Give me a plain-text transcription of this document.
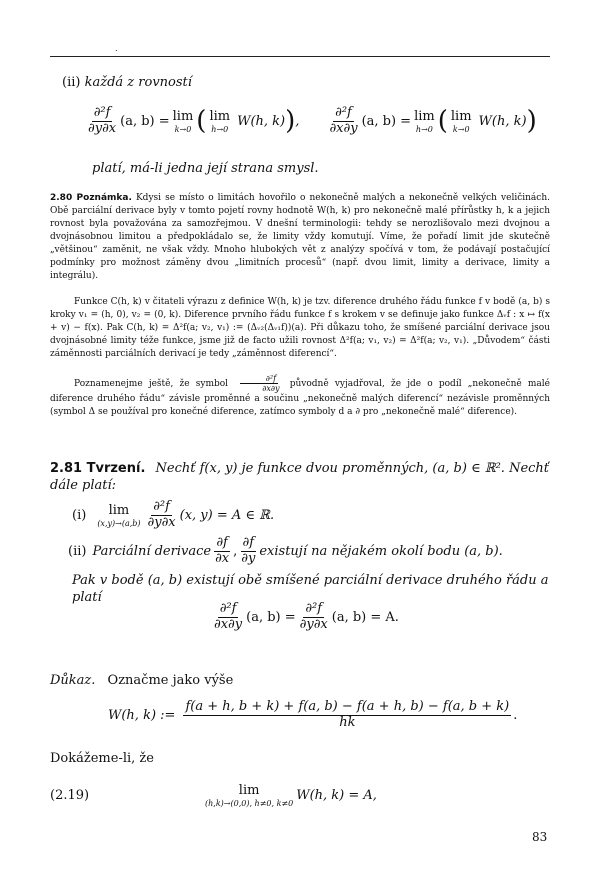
.
(ii) každá z rovností
$\frac{\text{∂²f}}{\partial y\partial x} (a$, b) = lim
k→0 ( lim
h→0
W(h, k) ) , $\frac{\text{∂²f}}{\partial x\partial y} (a$, b) = lim
h→0 ( lim
k→0
W(h, k) )
platí, má-li jedna její strana smysl.
2.80 Poznámka. Kdysi se místo o limitách hovořilo o nekonečně malých a nekonečně velkých veličinách. Obě parciální derivace byly v tomto pojetí rovny hodnotě W(h, k) pro nekonečně malé přírůstky h, k a jejich rovnost byla považována za samozřejmou. V dnešní terminologii: tehdy se nerozlišovalo mezi dvojnou a dvojnásobnou limitou a předpokládalo se, že limity vždy komutují. Víme, že pořadí limit jde skutečně „většinou“ zaměnit, ne však vždy. Mnoho hlubokých vět z analýzy spočívá v tom, že podávají postačující podmínky pro možnost záměny dvou „limitních procesů“ (např. dvou limit, limity a derivace, limity a integrálu).
Funkce C(h, k) v čitateli výrazu z definice W(h, k) je tzv. diference druhého řádu funkce f v bodě (a, b) s kroky v₁ = (h, 0), v₂ = (0, k). Diference prvního řádu funkce f s krokem v se definuje jako funkce Δᵥf : x ↦ f(x + v) − f(x). Pak C(h, k) = Δ²f(a; v₂, v₁) := (Δᵥ₂(Δᵥ₁f))(a). Při důkazu toho, že smíšené parciální derivace jsou dvojnásobné limity téže funkce, jsme již de facto užili rovnost Δ²f(a; v₁, v₂) = Δ²f(a; v₂, v₁). „Důvodem“ části záměnnosti parciálních derivací je tedy „záměnnost diferencí“.
Poznamenejme ještě, že symbol $\frac{\text{∂²f}}{\partial x\partial y}$ původně vyjadřoval, že jde o podíl „nekonečně malé diference druhého řádu“ závisle proměnné a součinu „nekonečně malých diferencí“ nezávisle proměnných (symbol Δ se používal pro konečné diference, zatímco symboly d a ∂ pro „nekonečně malé“ diference).
2.81 Tvrzení. Nechť f(x, y) je funkce dvou proměnných, (a, b) ∈ ℝ². Nechť dále platí:
(i) lim
$(x,y)\to(a,b) \frac{\text{∂²f}}{\partial y\partial x} (x$, y) = A ∈ ℝ.
(ii) Parciální derivace $\frac{\partial f}{\partial x}$ , $\frac{\partial f}{\partial y}$ existují na nějakém okolí bodu (a, b).
Pak v bodě (a, b) existují obě smíšené parciální derivace druhého řádu a platí
$\frac{\text{∂²f}}{\partial x\partial y} (a$, $b) = \frac{\text{∂²f}}{\partial y\partial x} (a$, b) = A.
Důkaz. Označme jako výše
W(h, k) := $\frac{f(a + h, b + k) + f(a, b) - f(a + h, b) - f(a, b + k)}{hk}$ .
Dokážeme-li, že
(2.19)	lim
(h,k)→(0,0), h≠0, k≠0
W(h, k) = A,
83
